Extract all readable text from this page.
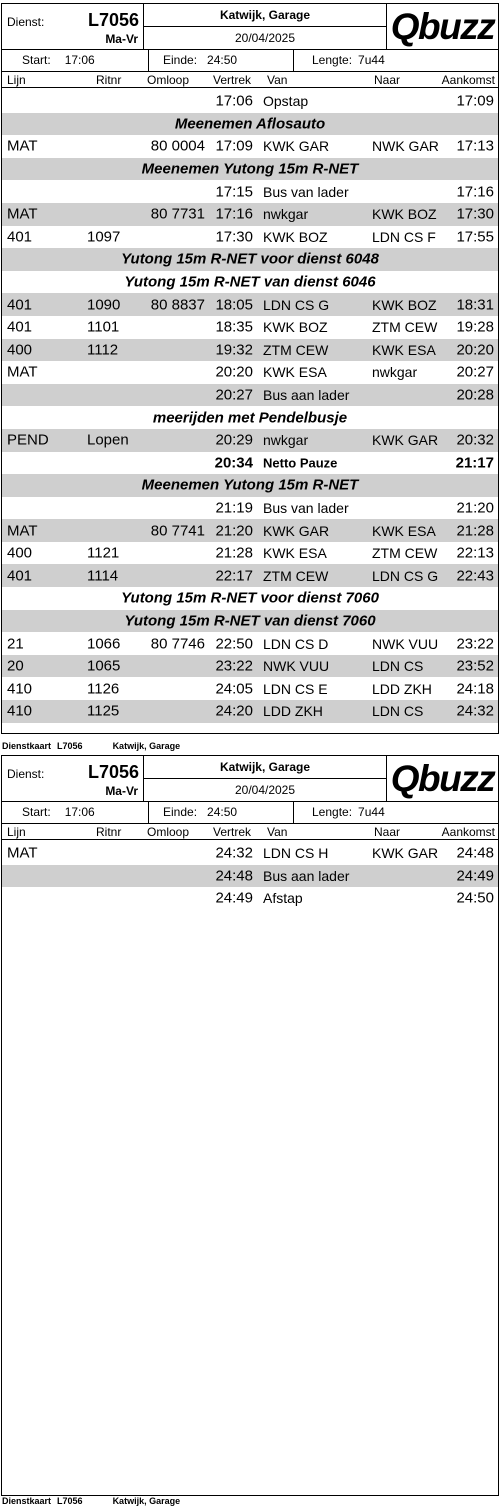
Dienst: L7056
Ma-Vr
Katwijk, Garage
20/04/2025	Qbuzz
Start: 17:06	Einde: 24:50	Lengte: 7u44
Lijn	Ritnr Omloop Vertrek Van	Naar	Aankomst
17:06 Opstap	17:09
Meenemen Aflosauto
MAT	80 0004 17:09 KWK GAR	NWK GAR 17:13
Meenemen Yutong 15m R-NET
17:15 Bus van lader	17:16
MAT	80 7731 17:16 nwkgar	KWK BOZ 17:30
401	1097	17:30 KWK BOZ	LDN CS F 17:55
Yutong 15m R-NET voor dienst 6048
Yutong 15m R-NET van dienst 6046
401	1090 80 8837 18:05 LDN CS G	KWK BOZ 18:31
401	1101	18:35 KWK BOZ	ZTM CEW 19:28
400	1112	19:32 ZTM CEW	KWK ESA 20:20
MAT	20:20 KWK ESA	nwkgar	20:27
20:27 Bus aan lader	20:28
meerijden met Pendelbusje
PEND	Lopen	20:29 nwkgar	KWK GAR 20:32
20:34 Netto Pauze	21:17
Meenemen Yutong 15m R-NET
21:19 Bus van lader	21:20
MAT	80 7741 21:20 KWK GAR	KWK ESA 21:28
400	1121	21:28 KWK ESA	ZTM CEW 22:13
401	1114	22:17 ZTM CEW	LDN CS G 22:43
Yutong 15m R-NET voor dienst 7060
Yutong 15m R-NET van dienst 7060
21	1066 80 7746 22:50 LDN CS D	NWK VUU 23:22
20	1065	23:22 NWK VUU	LDN CS 23:52
410	1126	24:05 LDN CS E	LDD ZKH 24:18
410	1125	24:20 LDD ZKH	LDN CS 24:32
Dienstkaart L7056	Katwijk, Garage
Dienst: L7056
Ma-Vr
Katwijk, Garage
20/04/2025	Qbuzz
Start: 17:06	Einde: 24:50	Lengte: 7u44
Lijn	Ritnr Omloop Vertrek Van	Naar	Aankomst
MAT	24:32 LDN CS H	KWK GAR 24:48
24:48 Bus aan lader	24:49
24:49 Afstap	24:50
Dienstkaart L7056	Katwijk, Garage
